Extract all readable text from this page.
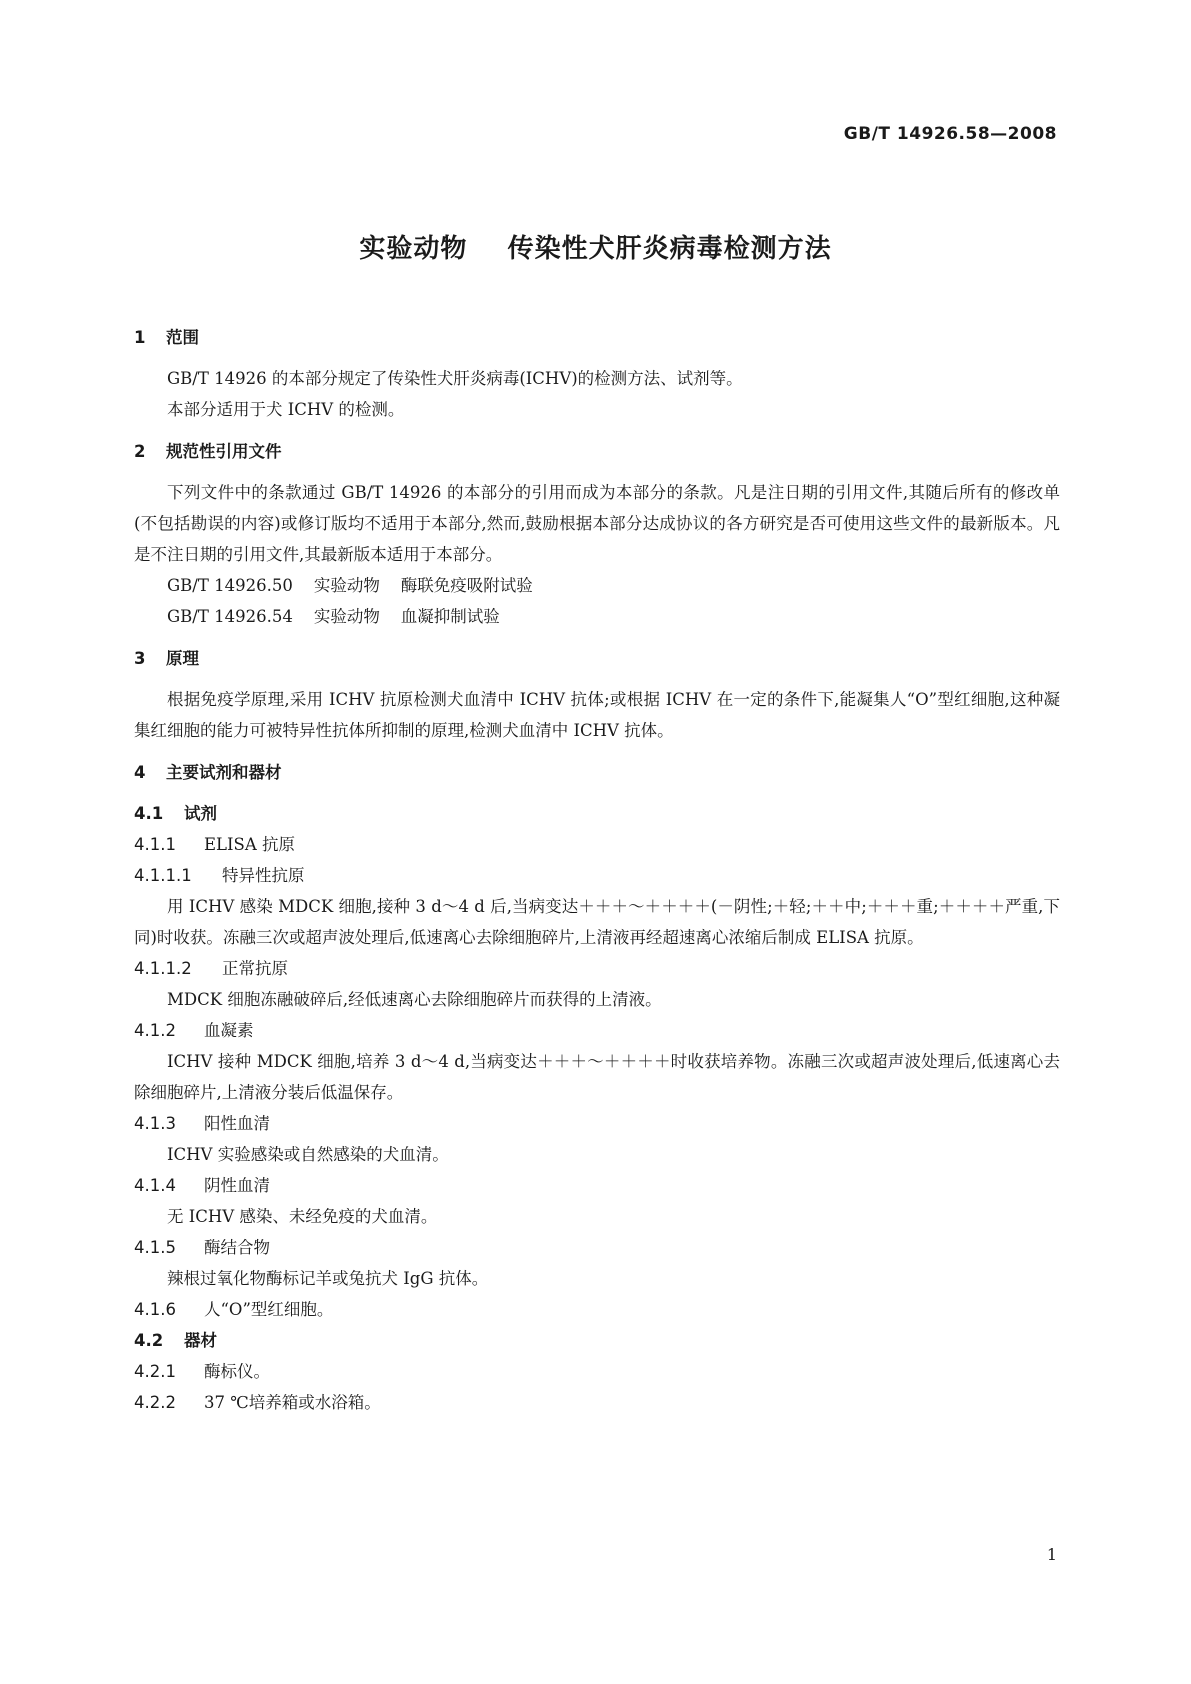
GB/T 14926.58—2008
实验动物    传染性犬肝炎病毒检测方法
1 范围

GB/T 14926 的本部分规定了传染性犬肝炎病毒(ICHV)的检测方法、试剂等。

本部分适用于犬 ICHV 的检测。

2 规范性引用文件

下列文件中的条款通过 GB/T 14926 的本部分的引用而成为本部分的条款。凡是注日期的引用文件,其随后所有的修改单(不包括勘误的内容)或修订版均不适用于本部分,然而,鼓励根据本部分达成协议的各方研究是否可使用这些文件的最新版本。凡是不注日期的引用文件,其最新版本适用于本部分。

GB/T 14926.50    实验动物    酶联免疫吸附试验
GB/T 14926.54    实验动物    血凝抑制试验
3 原理

根据免疫学原理,采用 ICHV 抗原检测犬血清中 ICHV 抗体;或根据 ICHV 在一定的条件下,能凝集人“O”型红细胞,这种凝集红细胞的能力可被特异性抗体所抑制的原理,检测犬血清中 ICHV 抗体。

4 主要试剂和器材
4.1 试剂
4.1.1 ELISA 抗原
4.1.1.1 特异性抗原

用 ICHV 感染 MDCK 细胞,接种 3 d～4 d 后,当病变达＋＋＋～＋＋＋＋(－阴性;＋轻;＋＋中;＋＋＋重;＋＋＋＋严重,下同)时收获。冻融三次或超声波处理后,低速离心去除细胞碎片,上清液再经超速离心浓缩后制成 ELISA 抗原。

4.1.1.2 正常抗原

MDCK 细胞冻融破碎后,经低速离心去除细胞碎片而获得的上清液。

4.1.2 血凝素

ICHV 接种 MDCK 细胞,培养 3 d～4 d,当病变达＋＋＋～＋＋＋＋时收获培养物。冻融三次或超声波处理后,低速离心去除细胞碎片,上清液分装后低温保存。

4.1.3 阳性血清

ICHV 实验感染或自然感染的犬血清。

4.1.4 阴性血清

无 ICHV 感染、未经免疫的犬血清。

4.1.5 酶结合物

辣根过氧化物酶标记羊或兔抗犬 IgG 抗体。

4.1.6 人“O”型红细胞。
4.2 器材
4.2.1 酶标仪。
4.2.2 37 ℃培养箱或水浴箱。
1
